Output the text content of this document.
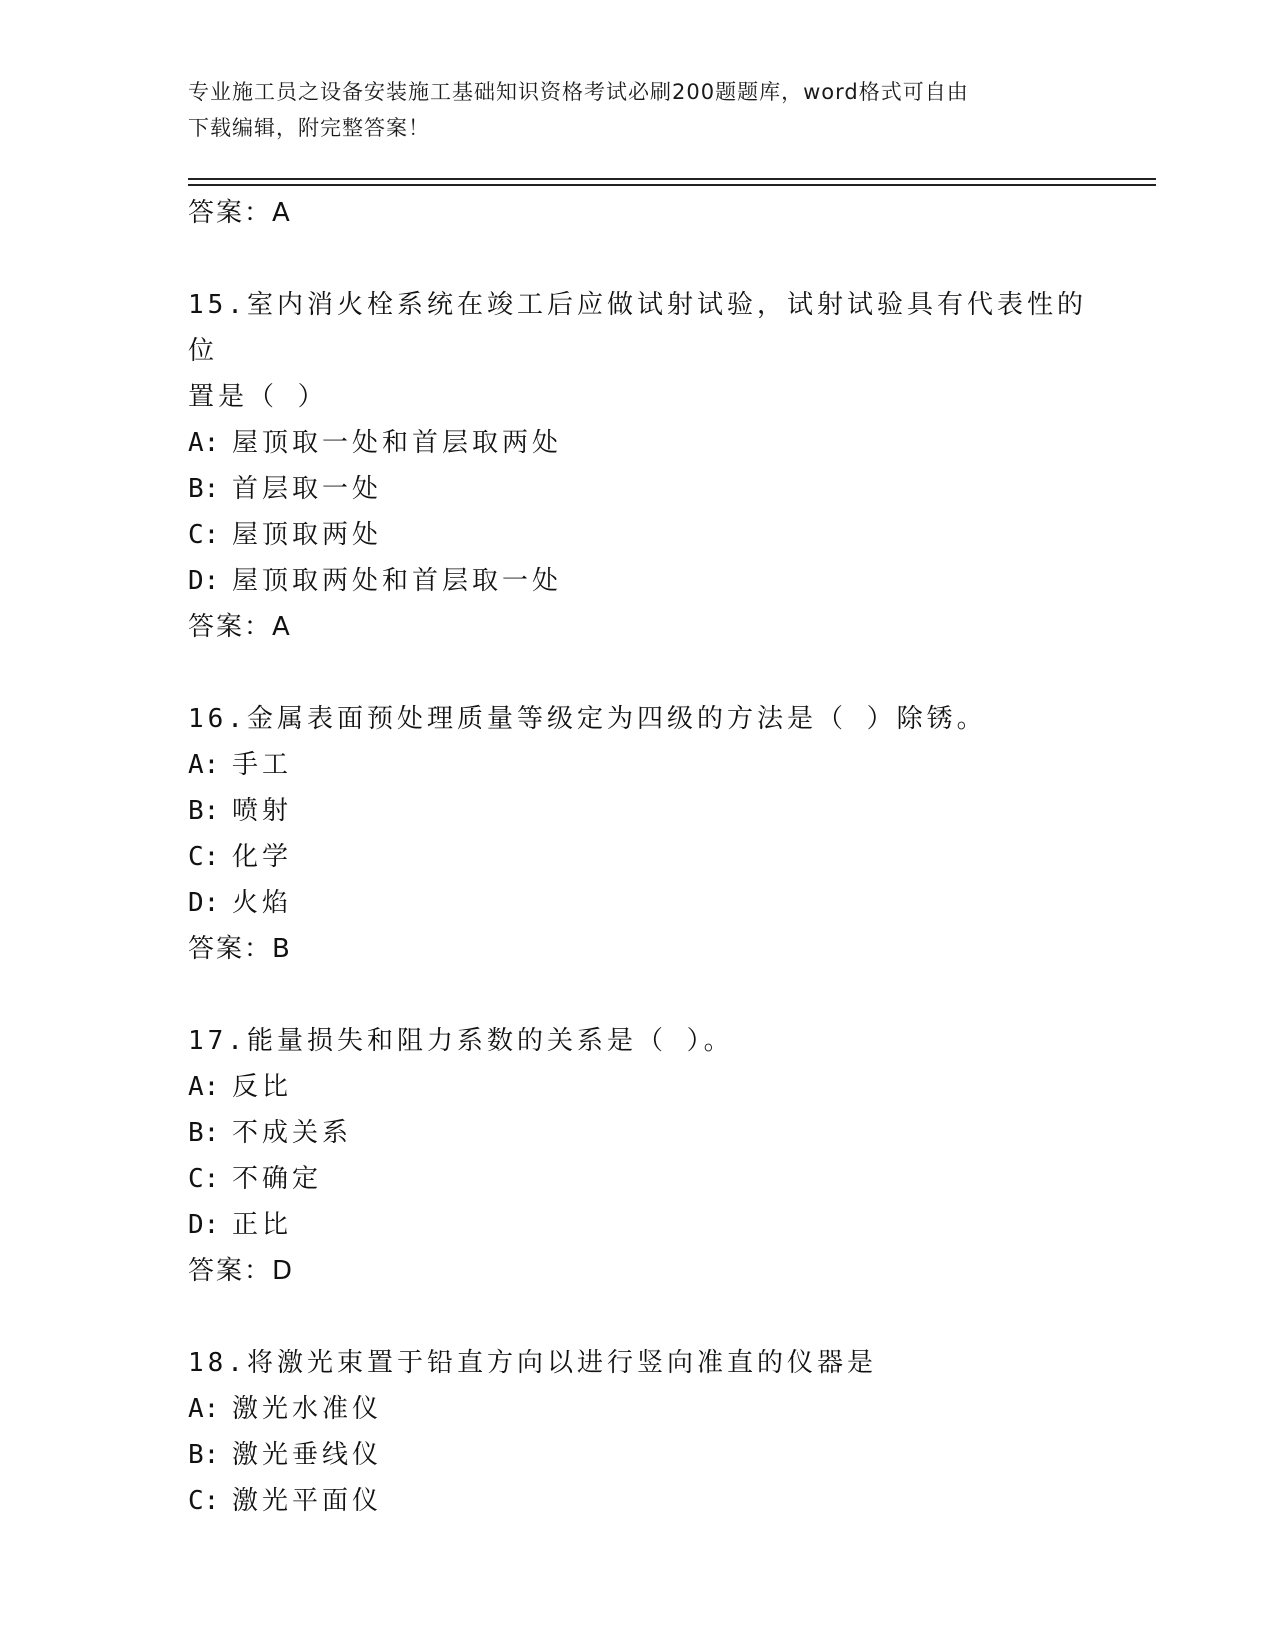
专业施工员之设备安装施工基础知识资格考试必刷200题题库，word格式可自由
下载编辑，附完整答案！
答案：A
15.室内消火栓系统在竣工后应做试射试验，试射试验具有代表性的位
置是（ ）
A: 屋顶取一处和首层取两处
B: 首层取一处
C: 屋顶取两处
D: 屋顶取两处和首层取一处
答案：A
16.金属表面预处理质量等级定为四级的方法是（ ）除锈。
A: 手工
B: 喷射
C: 化学
D: 火焰
答案：B
17.能量损失和阻力系数的关系是（ ）。
A: 反比
B: 不成关系
C: 不确定
D: 正比
答案：D
18.将激光束置于铅直方向以进行竖向准直的仪器是
A: 激光水准仪
B: 激光垂线仪
C: 激光平面仪
